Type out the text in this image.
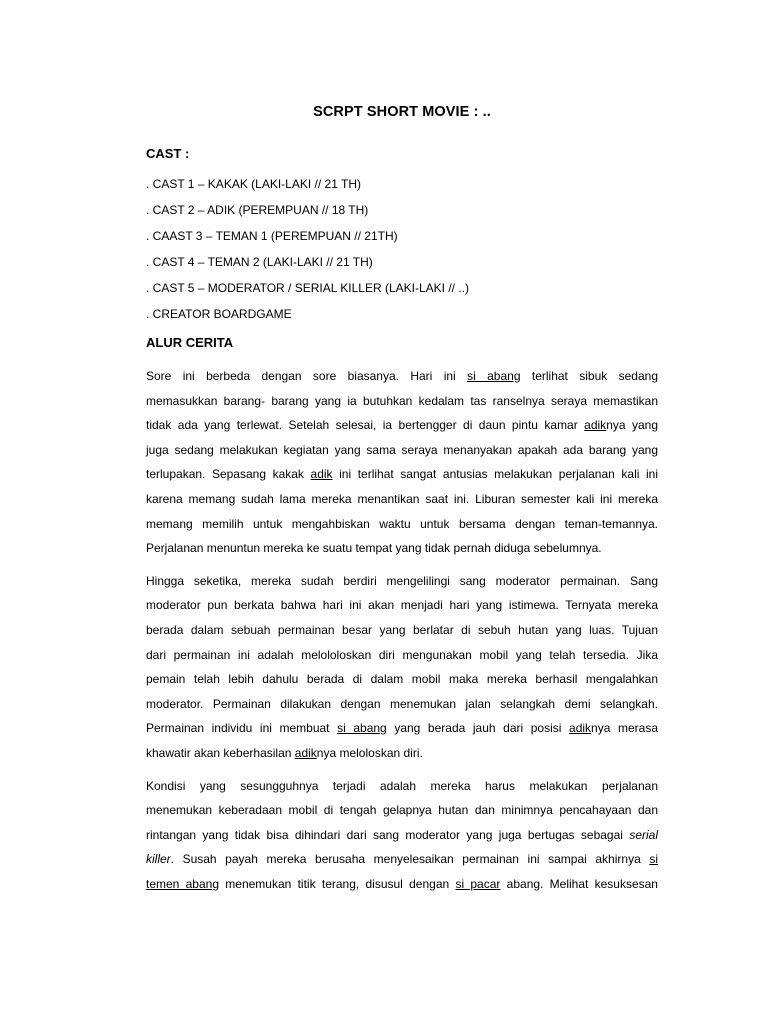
SCRPT SHORT MOVIE : ..
CAST :
. CAST 1 – KAKAK (LAKI-LAKI // 21 TH)
. CAST 2 – ADIK (PEREMPUAN // 18 TH)
. CAAST 3 – TEMAN 1 (PEREMPUAN // 21TH)
. CAST 4 – TEMAN 2 (LAKI-LAKI // 21 TH)
. CAST 5 – MODERATOR / SERIAL KILLER (LAKI-LAKI // ..)
. CREATOR BOARDGAME
ALUR CERITA
Sore ini berbeda dengan sore biasanya. Hari ini si abang terlihat sibuk sedang
memasukkan barang- barang yang ia butuhkan kedalam tas ranselnya seraya memastikan
tidak ada yang terlewat. Setelah selesai, ia bertengger di daun pintu kamar adiknya yang
juga sedang melakukan kegiatan yang sama seraya menanyakan apakah ada barang yang
terlupakan. Sepasang kakak adik ini terlihat sangat antusias melakukan perjalanan kali ini
karena memang sudah lama mereka menantikan saat ini. Liburan semester kali ini mereka
memang memilih untuk mengahbiskan waktu untuk bersama dengan teman-temannya.
Perjalanan menuntun mereka ke suatu tempat yang tidak pernah diduga sebelumnya.
Hingga seketika, mereka sudah berdiri mengelilingi sang moderator permainan. Sang
moderator pun berkata bahwa hari ini akan menjadi hari yang istimewa. Ternyata mereka
berada dalam sebuah permainan besar yang berlatar di sebuh hutan yang luas. Tujuan
dari permainan ini adalah melololoskan diri mengunakan mobil yang telah tersedia. Jika
pemain telah lebih dahulu berada di dalam mobil maka mereka berhasil mengalahkan
moderator. Permainan dilakukan dengan menemukan jalan selangkah demi selangkah.
Permainan individu ini membuat si abang yang berada jauh dari posisi adiknya merasa
khawatir akan keberhasilan adiknya meloloskan diri.
Kondisi yang sesungguhnya terjadi adalah mereka harus melakukan perjalanan
menemukan keberadaan mobil di tengah gelapnya hutan dan minimnya pencahayaan dan
rintangan yang tidak bisa dihindari dari sang moderator yang juga bertugas sebagai serial
killer. Susah payah mereka berusaha menyelesaikan permainan ini sampai akhirnya si
temen abang menemukan titik terang, disusul dengan si pacar abang. Melihat kesuksesan
